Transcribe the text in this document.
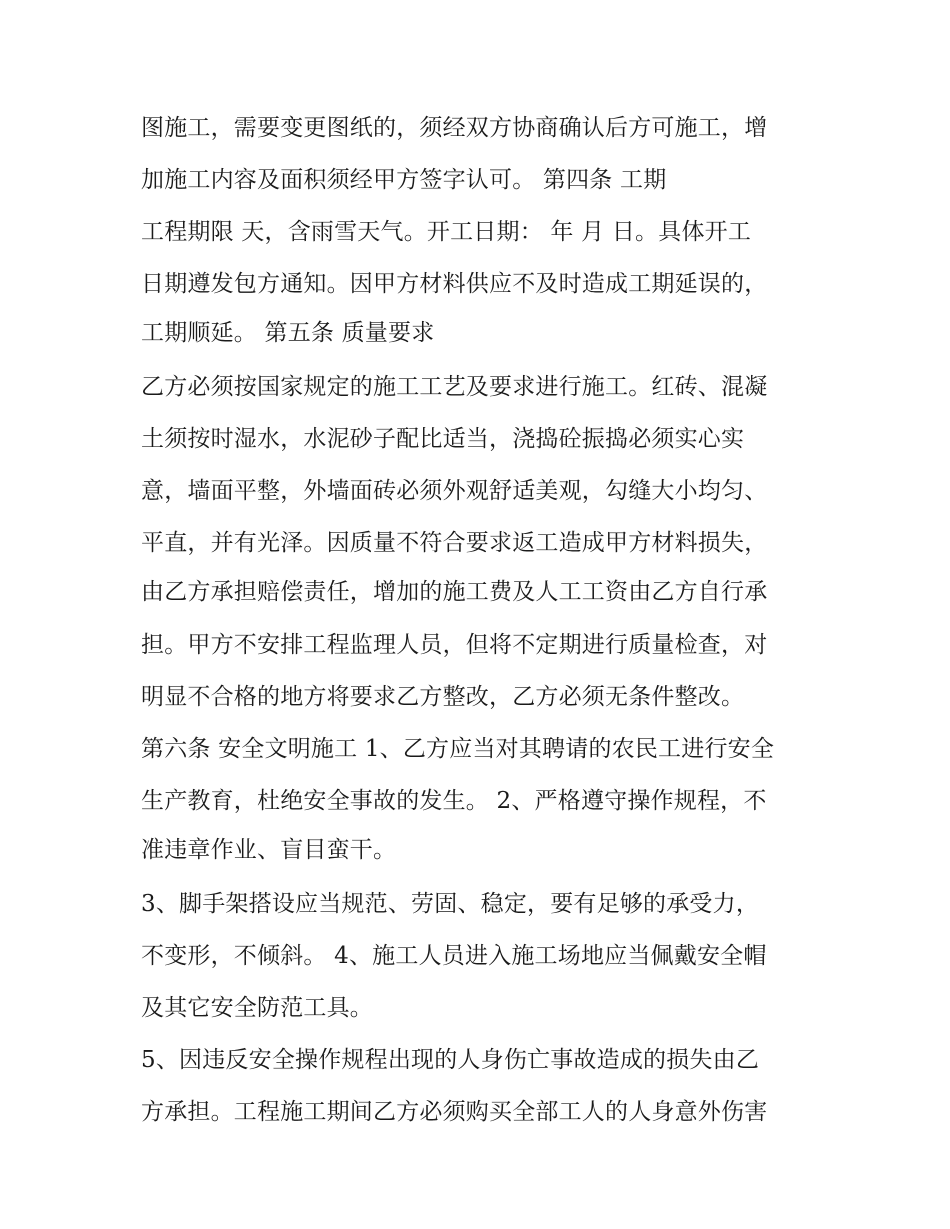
图施工，需要变更图纸的，须经双方协商确认后方可施工，增

加施工内容及面积须经甲方签字认可。 第四条 工期

工程期限 天，含雨雪天气。开工日期： 年 月 日。具体开工

日期遵发包方通知。因甲方材料供应不及时造成工期延误的，

工期顺延。 第五条 质量要求

乙方必须按国家规定的施工工艺及要求进行施工。红砖、混凝

土须按时湿水，水泥砂子配比适当，浇捣砼振捣必须实心实

意，墙面平整，外墙面砖必须外观舒适美观，勾缝大小均匀、

平直，并有光泽。因质量不符合要求返工造成甲方材料损失，

由乙方承担赔偿责任，增加的施工费及人工工资由乙方自行承

担。甲方不安排工程监理人员，但将不定期进行质量检查，对

明显不合格的地方将要求乙方整改，乙方必须无条件整改。

第六条 安全文明施工 1、乙方应当对其聘请的农民工进行安全

生产教育，杜绝安全事故的发生。 2、严格遵守操作规程，不

准违章作业、盲目蛮干。

3、脚手架搭设应当规范、劳固、稳定，要有足够的承受力，

不变形，不倾斜。 4、施工人员进入施工场地应当佩戴安全帽

及其它安全防范工具。

5、因违反安全操作规程出现的人身伤亡事故造成的损失由乙

方承担。工程施工期间乙方必须购买全部工人的人身意外伤害
